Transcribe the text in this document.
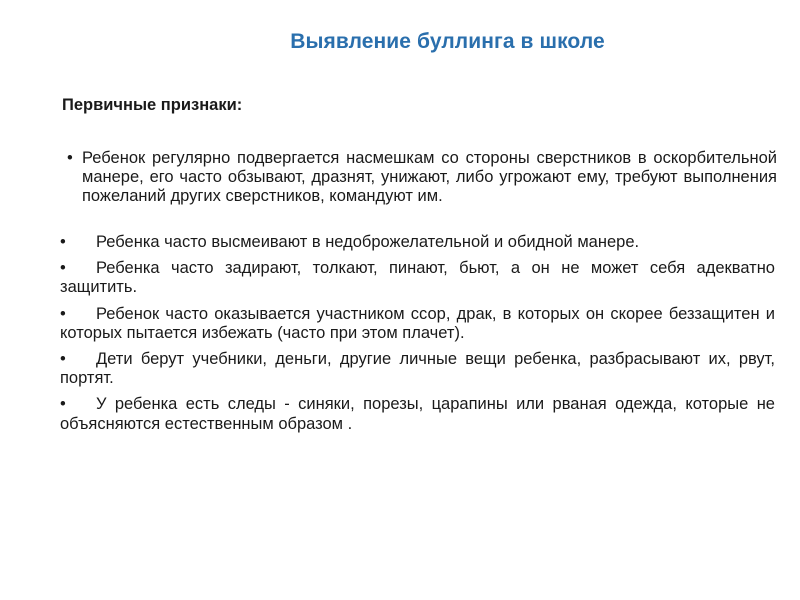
Выявление буллинга в школе
Первичные признаки:
• Ребенок регулярно подвергается насмешкам со стороны сверстников в оскорбительной манере, его часто обзывают, дразнят, унижают, либо угрожают ему, требуют выполнения пожеланий других сверстников, командуют им.
• Ребенка часто высмеивают в недоброжелательной и обидной манере.
• Ребенка часто задирают, толкают, пинают, бьют, а он не может себя адекватно защитить.
• Ребенок часто оказывается участником ссор, драк, в которых он скорее беззащитен и которых пытается избежать (часто при этом плачет).
• Дети берут учебники, деньги, другие личные вещи ребенка, разбрасывают их, рвут, портят.
• У ребенка есть следы - синяки, порезы, царапины или рваная одежда, которые не объясняются естественным образом .
